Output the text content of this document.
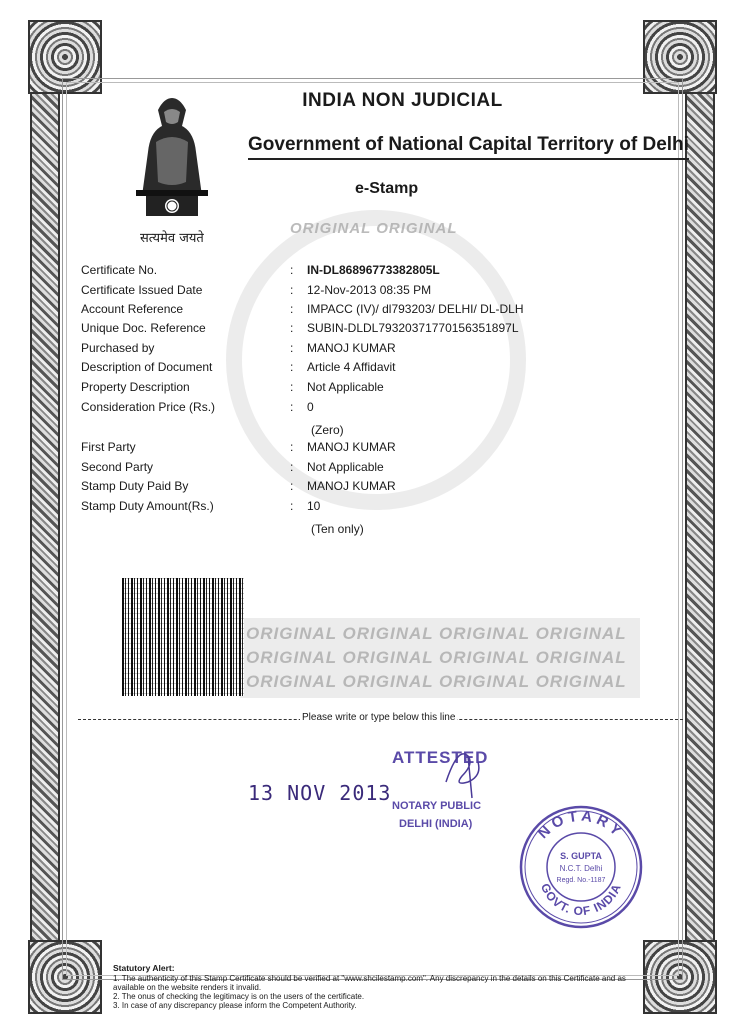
ORIGINAL ORIGINAL
ORIGINAL ORIGINAL ORIGINAL ORIGINAL
ORIGINAL ORIGINAL ORIGINAL ORIGINAL
ORIGINAL ORIGINAL ORIGINAL ORIGINAL
सत्यमेव जयते
INDIA NON JUDICIAL
Government of National Capital Territory of Delhi
e-Stamp
Certificate No.	: IN-DL86896773382805L
Certificate Issued Date	: 12-Nov-2013 08:35 PM
Account Reference	: IMPACC (IV)/ dl793203/ DELHI/ DL-DLH
Unique Doc. Reference	: SUBIN-DLDL79320371770156351897L
Purchased by	: MANOJ KUMAR
Description of Document	: Article 4 Affidavit
Property Description	: Not Applicable
Consideration Price (Rs.)	: 0
First Party	: MANOJ KUMAR
Second Party	: Not Applicable
Stamp Duty Paid By	: MANOJ KUMAR
Stamp Duty Amount(Rs.)	: 10
(Zero)
(Ten only)
Please write or type below this line
13 NOV 2013
ATTESTED
NOTARY PUBLIC
DELHI (INDIA)	NOTARY
GOVT. OF INDIA
S. GUPTA
N.C.T. Delhi
Regd. No.-1187
Statutory Alert:
1. The authenticity of this Stamp Certificate should be verified at "www.shcilestamp.com". Any discrepancy in the details on this Certificate and as available on the website renders it invalid.
2. The onus of checking the legitimacy is on the users of the certificate.
3. In case of any discrepancy please inform the Competent Authority.
